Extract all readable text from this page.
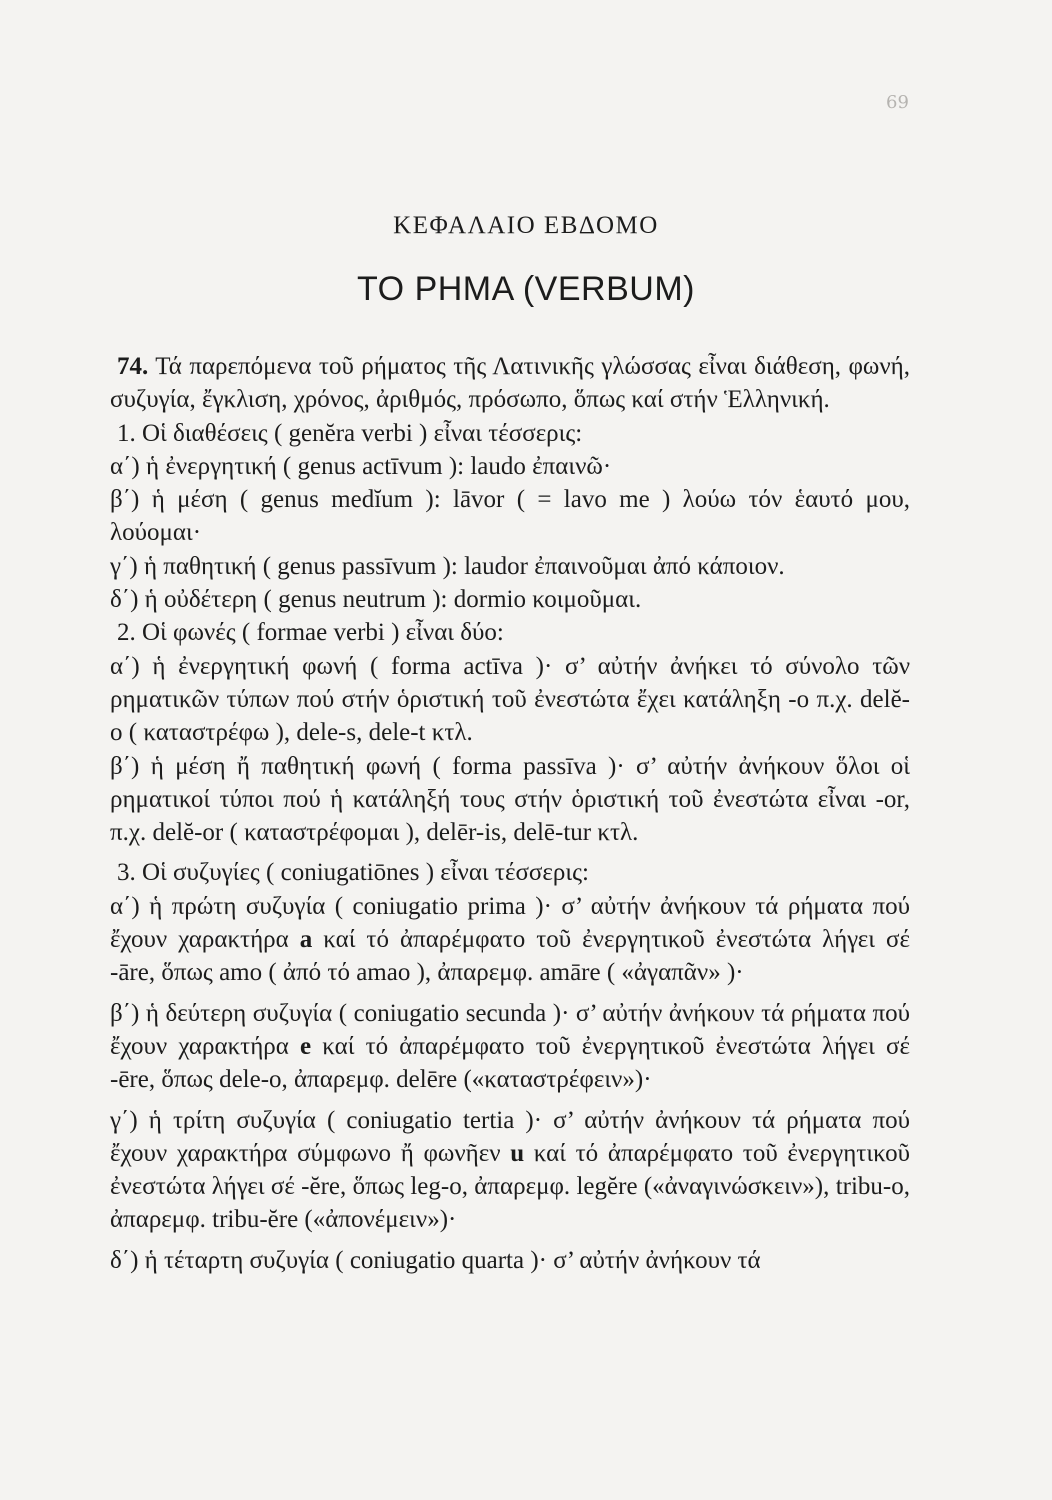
69

ΚΕΦΑΛΑΙΟ ΕΒΔΟΜΟ
ΤΟ ΡΗΜΑ (VERBUM)

74. Τά παρεπόμενα τοῦ ρήματος τῆς Λατινικῆς γλώσσας εἶναι διάθεση, φωνή, συζυγία, ἔγκλιση, χρόνος, ἀριθμός, πρόσωπο, ὅπως καί στήν Ἑλληνική.

1. Οἱ διαθέσεις ( genĕra verbi ) εἶναι τέσσερις:

α΄) ἡ ἐνεργητική ( genus actīvum ): laudo ἐπαινῶ·

β΄) ἡ μέση ( genus medĭum ): lāvor ( = lavo me ) λούω τόν ἑαυτό μου, λούομαι·

γ΄) ἡ παθητική ( genus passīvum ): laudor ἐπαινοῦμαι ἀπό κάποιον.

δ΄) ἡ οὐδέτερη ( genus neutrum ): dormio κοιμοῦμαι.

2. Οἱ φωνές ( formae verbi ) εἶναι δύο:

α΄) ἡ ἐνεργητική φωνή ( forma actīva )· σ’ αὐτήν ἀνήκει τό σύνολο τῶν ρηματικῶν τύπων πού στήν ὁριστική τοῦ ἐνεστώτα ἔχει κατάληξη -o π.χ. delĕ-o ( καταστρέφω ), dele-s, dele-t κτλ.

β΄) ἡ μέση ἤ παθητική φωνή ( forma passīva )· σ’ αὐτήν ἀνήκουν ὅλοι οἱ ρηματικοί τύποι πού ἡ κατάληξή τους στήν ὁριστική τοῦ ἐνεστώτα εἶναι -or, π.χ. delĕ-or ( καταστρέφομαι ), delēr-is, delē-tur κτλ.

3. Οἱ συζυγίες ( coniugatiōnes ) εἶναι τέσσερις:

α΄) ἡ πρώτη συζυγία ( coniugatio prima )· σ’ αὐτήν ἀνήκουν τά ρήματα πού ἔχουν χαρακτήρα a καί τό ἀπαρέμφατο τοῦ ἐνεργητικοῦ ἐνεστώτα λήγει σέ -āre, ὅπως amo ( ἀπό τό amao ), ἀπαρεμφ. amāre ( «ἀγαπᾶν» )·

β΄) ἡ δεύτερη συζυγία ( coniugatio secunda )· σ’ αὐτήν ἀνήκουν τά ρήματα πού ἔχουν χαρακτήρα e καί τό ἀπαρέμφατο τοῦ ἐνεργητικοῦ ἐνεστώτα λήγει σέ -ēre, ὅπως dele-o, ἀπαρεμφ. delēre («καταστρέφειν»)·

γ΄) ἡ τρίτη συζυγία ( coniugatio tertia )· σ’ αὐτήν ἀνήκουν τά ρήματα πού ἔχουν χαρακτήρα σύμφωνο ἤ φωνῆεν u καί τό ἀπαρέμφατο τοῦ ἐνεργητικοῦ ἐνεστώτα λήγει σέ -ĕre, ὅπως leg-o, ἀπαρεμφ. legĕre («ἀναγινώσκειν»), tribu-o, ἀπαρεμφ. tribu-ĕre («ἀπονέμειν»)·

δ΄) ἡ τέταρτη συζυγία ( coniugatio quarta )· σ’ αὐτήν ἀνήκουν τά
